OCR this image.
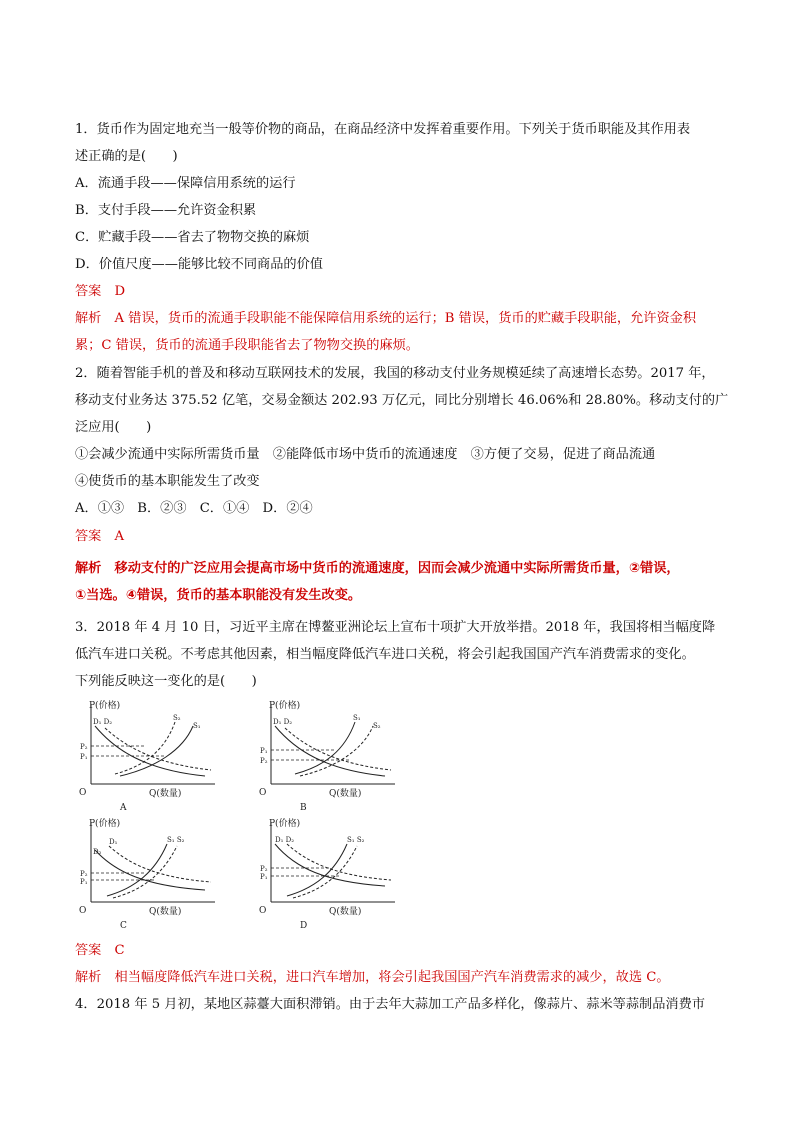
1．货币作为固定地充当一般等价物的商品，在商品经济中发挥着重要作用。下列关于货币职能及其作用表
述正确的是(　　)
A．流通手段——保障信用系统的运行
B．支付手段——允许资金积累
C．贮藏手段——省去了物物交换的麻烦
D．价值尺度——能够比较不同商品的价值
答案　D
解析　A 错误，货币的流通手段职能不能保障信用系统的运行；B 错误，货币的贮藏手段职能，允许资金积
累；C 错误，货币的流通手段职能省去了物物交换的麻烦。
2．随着智能手机的普及和移动互联网技术的发展，我国的移动支付业务规模延续了高速增长态势。2017 年，
移动支付业务达 375.52 亿笔，交易金额达 202.93 万亿元，同比分别增长 46.06%和 28.80%。移动支付的广
泛应用(　　)
①会减少流通中实际所需货币量　②能降低市场中货币的流通速度　③方便了交易，促进了商品流通
④使货币的基本职能发生了改变
A．①③　B．②③　C．①④　D．②④
答案　A
解析　移动支付的广泛应用会提高市场中货币的流通速度，因而会减少流通中实际所需货币量，②错误，
①当选。④错误，货币的基本职能没有发生改变。
3．2018 年 4 月 10 日，习近平主席在博鳌亚洲论坛上宣布十项扩大开放举措。2018 年，我国将相当幅度降
低汽车进口关税。不考虑其他因素，相当幅度降低汽车进口关税，将会引起我国国产汽车消费需求的变化。
下列能反映这一变化的是(　　)
P(价格)
Q(数量)
O
A
P₂
P₁
D₁ D₂	S₂
S₁
P(价格)
Q(数量)
O
B
P₁
P₂
D₁ D₂	S₁
S₂
P(价格)
Q(数量)
O
C
P₂
P₁
D₂
D₁	S₁ S₂
P(价格)
Q(数量)
O
D
P₂
P₁
D₁ D₂	S₁ S₂
答案　C
解析　相当幅度降低汽车进口关税，进口汽车增加，将会引起我国国产汽车消费需求的减少，故选 C。
4．2018 年 5 月初，某地区蒜薹大面积滞销。由于去年大蒜加工产品多样化，像蒜片、蒜米等蒜制品消费市
